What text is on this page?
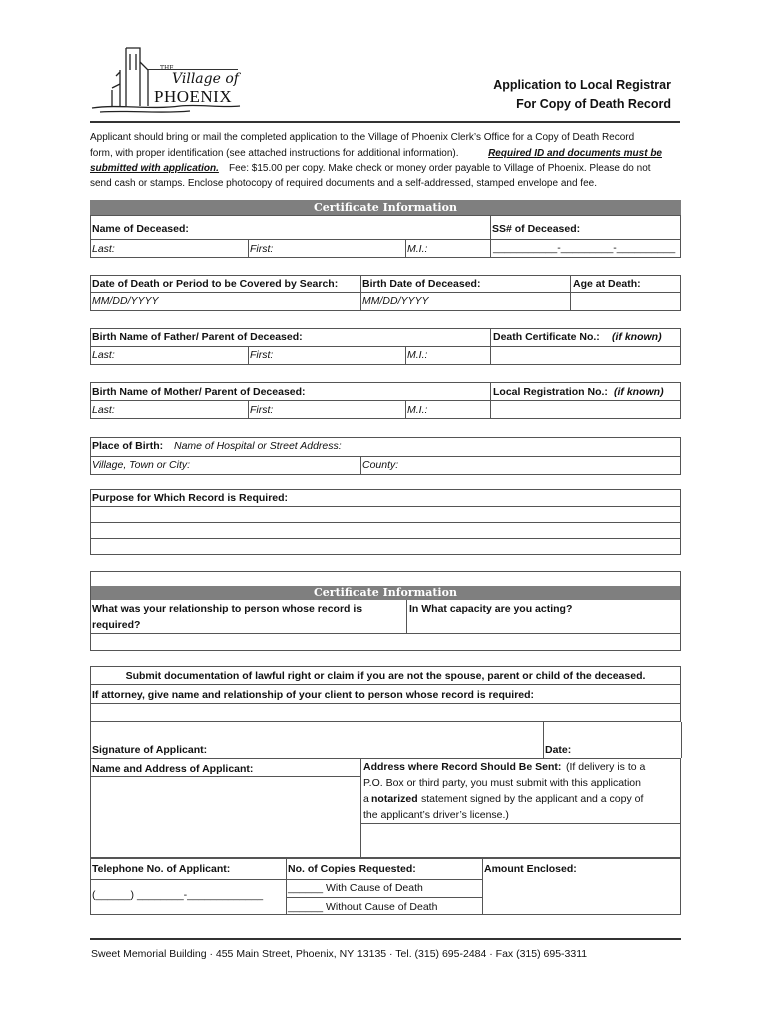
THE
Village of
PHOENIX
Application to Local Registrar
For Copy of Death Record
Applicant should bring or mail the completed application to the Village of Phoenix Clerk’s Office for a Copy of Death Record
form, with proper identification (see attached instructions for additional information).	Required ID and documents must be
submitted with application. Fee: $15.00 per copy. Make check or money order payable to Village of Phoenix. Please do not
send cash or stamps. Enclose photocopy of required documents and a self-addressed, stamped envelope and fee.
Certificate Information
Name of Deceased:	SS# of Deceased:
Last:	First:	M.I.:	___________-_________-__________
Date of Death or Period to be Covered by Search: Birth Date of Deceased:	Age at Death:
MM/DD/YYYY	MM/DD/YYYY
Birth Name of Father/ Parent of Deceased:	Death Certificate No.: (if known)
Last:	First:	M.I.:
Birth Name of Mother/ Parent of Deceased:	Local Registration No.: (if known)
Last:	First:	M.I.:
Place of Birth: Name of Hospital or Street Address:
Village, Town or City:	County:
Purpose for Which Record is Required:
Certificate Information
What was your relationship to person whose record is
required?
In What capacity are you acting?
Submit documentation of lawful right or claim if you are not the spouse, parent or child of the deceased.
If attorney, give name and relationship of your client to person whose record is required:
Signature of Applicant:	Date:
Name and Address of Applicant:	Address where Record Should Be Sent: (If delivery is to a
P.O. Box or third party, you must submit with this application
a notarized statement signed by the applicant and a copy of
the applicant’s driver’s license.)
Telephone No. of Applicant:
(______) ________-_____________
No. of Copies Requested:
______ With Cause of Death
______ Without Cause of Death
Amount Enclosed:
Sweet Memorial Building · 455 Main Street, Phoenix, NY 13135 · Tel. (315) 695-2484 · Fax (315) 695-3311
